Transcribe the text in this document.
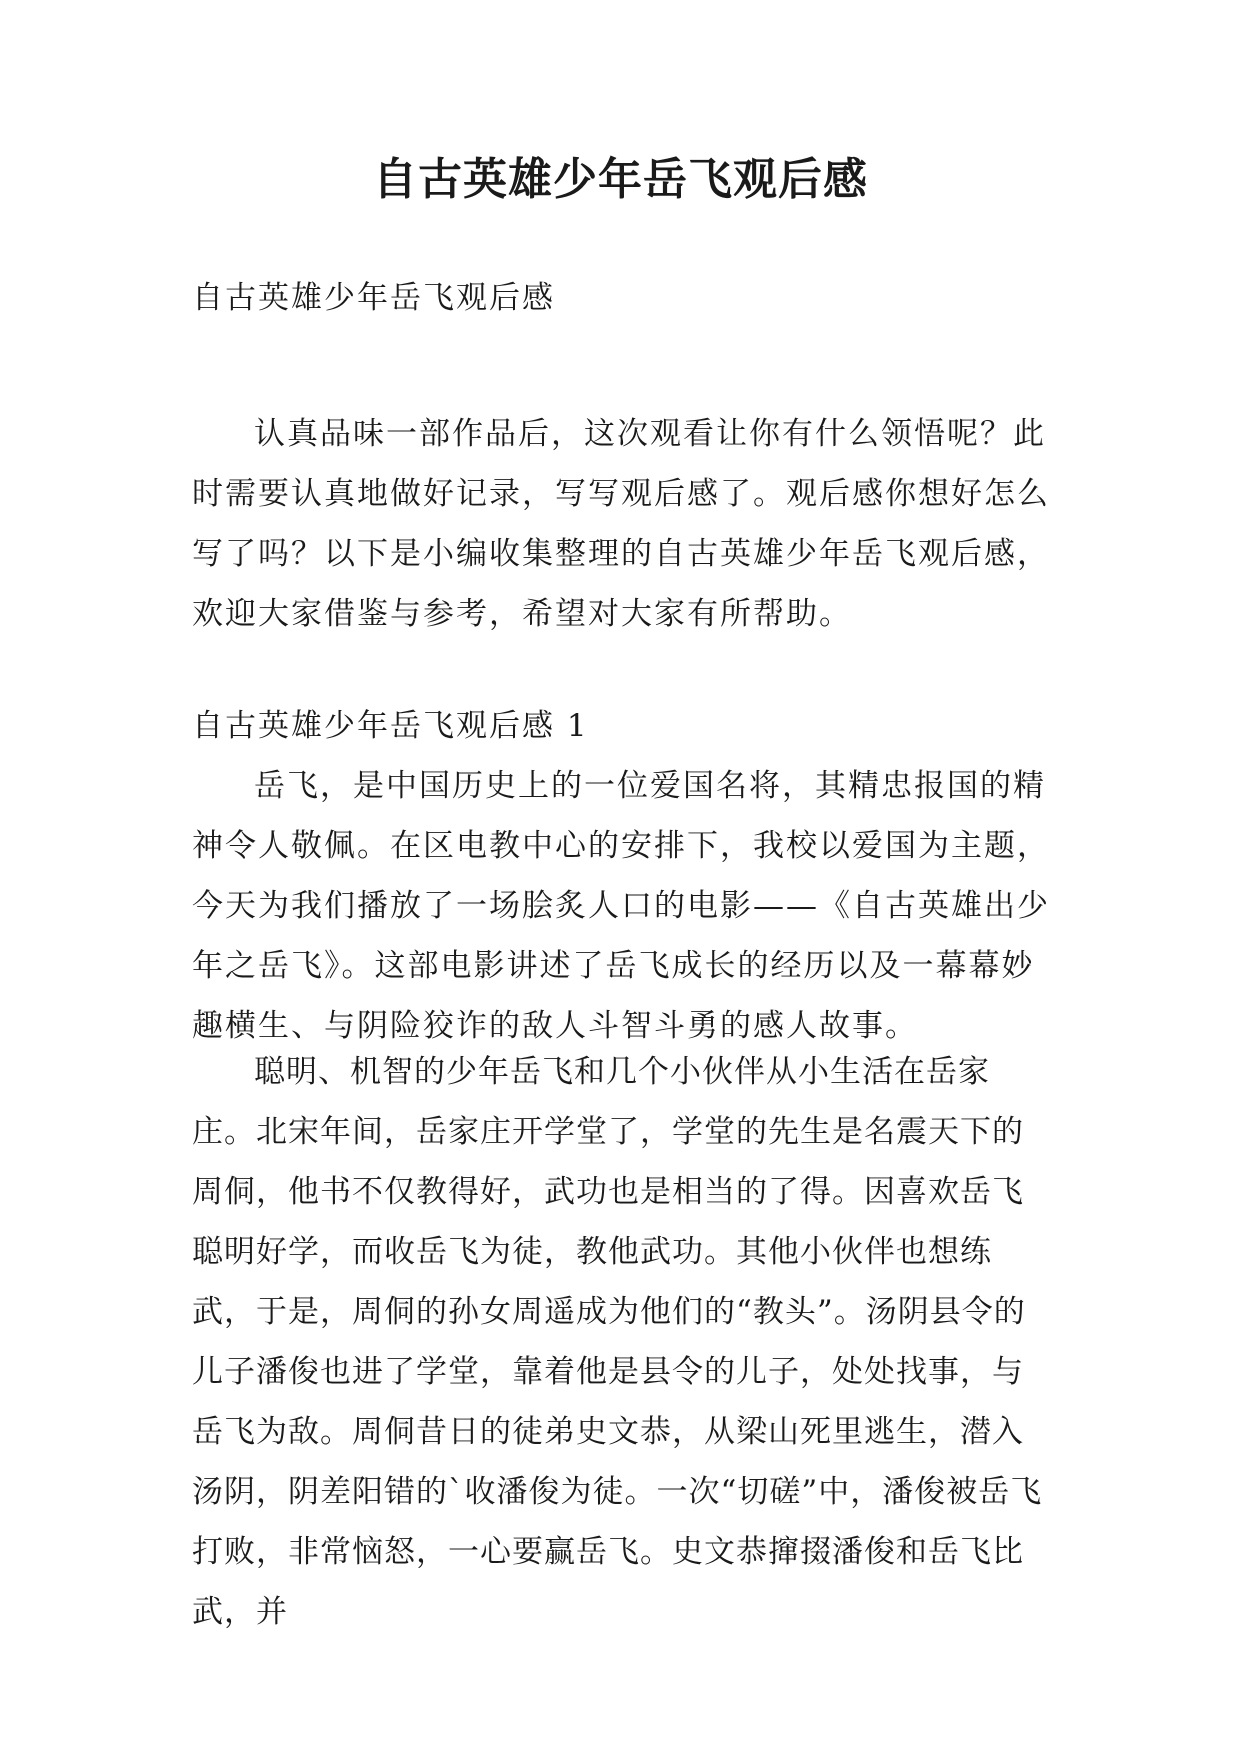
自古英雄少年岳飞观后感

自古英雄少年岳飞观后感

认真品味一部作品后，这次观看让你有什么领悟呢？此时需要认真地做好记录，写写观后感了。观后感你想好怎么写了吗？以下是小编收集整理的自古英雄少年岳飞观后感，欢迎大家借鉴与参考，希望对大家有所帮助。

自古英雄少年岳飞观后感 1

岳飞，是中国历史上的一位爱国名将，其精忠报国的精神令人敬佩。在区电教中心的安排下，我校以爱国为主题，今天为我们播放了一场脍炙人口的电影——《自古英雄出少年之岳飞》。这部电影讲述了岳飞成长的经历以及一幕幕妙趣横生、与阴险狡诈的敌人斗智斗勇的感人故事。

聪明、机智的少年岳飞和几个小伙伴从小生活在岳家庄。北宋年间，岳家庄开学堂了，学堂的先生是名震天下的周侗，他书不仅教得好，武功也是相当的了得。因喜欢岳飞聪明好学，而收岳飞为徒，教他武功。其他小伙伴也想练武，于是，周侗的孙女周遥成为他们的“教头”。汤阴县令的儿子潘俊也进了学堂，靠着他是县令的儿子，处处找事，与岳飞为敌。周侗昔日的徒弟史文恭，从梁山死里逃生，潜入汤阴，阴差阳错的`收潘俊为徒。一次“切磋”中，潘俊被岳飞打败，非常恼怒，一心要赢岳飞。史文恭撺掇潘俊和岳飞比武，并
